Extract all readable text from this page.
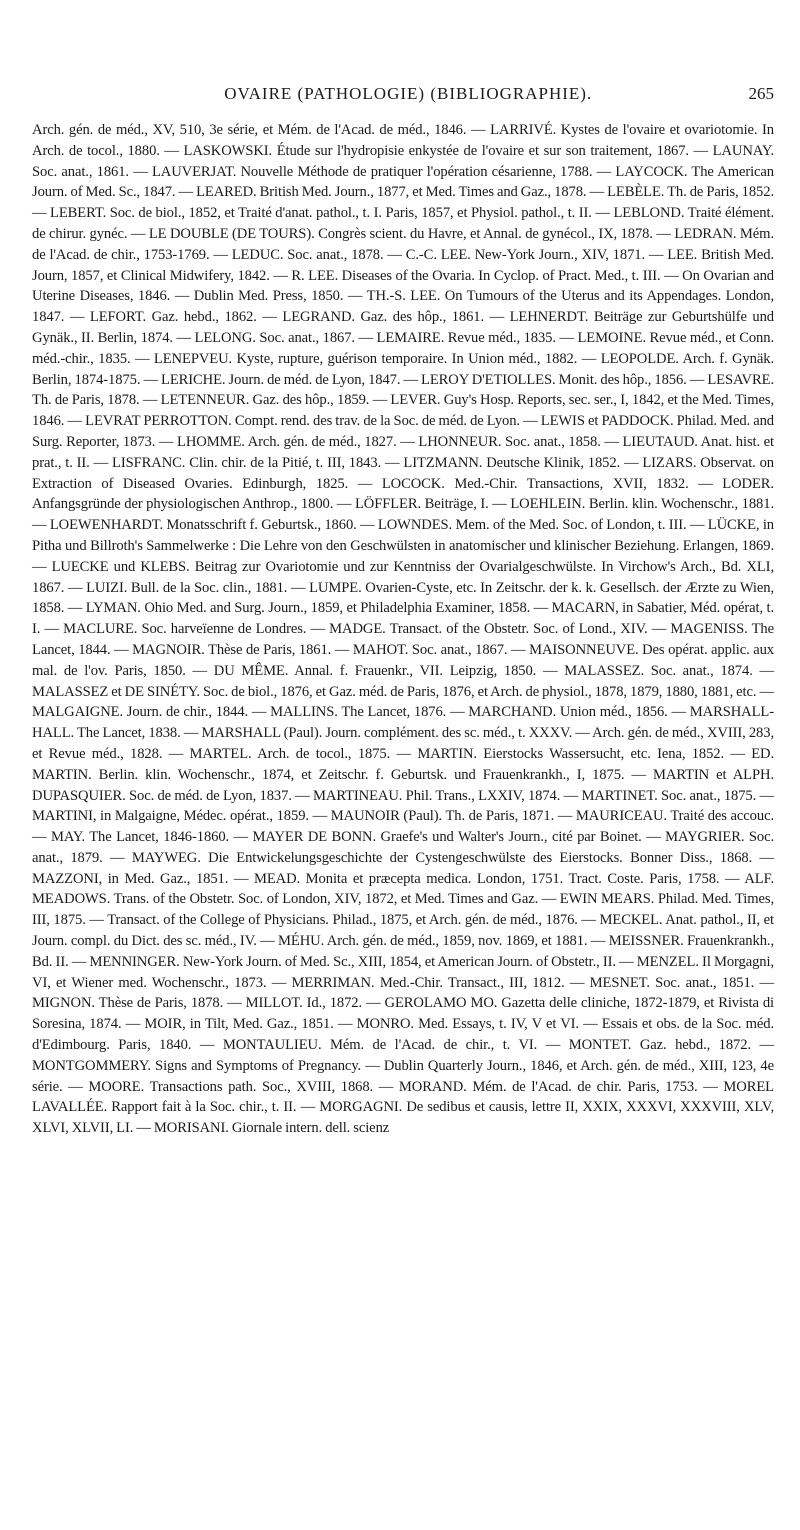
OVAIRE (PATHOLOGIE) (BIBLIOGRAPHIE).	265
Arch. gén. de méd., XV, 510, 3e série, et Mém. de l'Acad. de méd., 1846. — LARRIVÉ. Kystes de l'ovaire et ovariotomie. In Arch. de tocol., 1880. — LASKOWSKI. Étude sur l'hydropisie enkystée de l'ovaire et sur son traitement, 1867. — LAUNAY. Soc. anat., 1861. — LAUVERJAT. Nouvelle Méthode de pratiquer l'opération césarienne, 1788. — LAYCOCK. The American Journ. of Med. Sc., 1847. — LEARED. British Med. Journ., 1877, et Med. Times and Gaz., 1878. — LEBÈLE. Th. de Paris, 1852. — LEBERT. Soc. de biol., 1852, et Traité d'anat. pathol., t. I. Paris, 1857, et Physiol. pathol., t. II. — LEBLOND. Traité élément. de chirur. gynéc. — LE DOUBLE (DE TOURS). Congrès scient. du Havre, et Annal. de gynécol., IX, 1878. — LEDRAN. Mém. de l'Acad. de chir., 1753-1769. — LEDUC. Soc. anat., 1878. — C.-C. LEE. New-York Journ., XIV, 1871. — LEE. British Med. Journ, 1857, et Clinical Midwifery, 1842. — R. LEE. Diseases of the Ovaria. In Cyclop. of Pract. Med., t. III. — On Ovarian and Uterine Diseases, 1846. — Dublin Med. Press, 1850. — TH.-S. LEE. On Tumours of the Uterus and its Appendages. London, 1847. — LEFORT. Gaz. hebd., 1862. — LEGRAND. Gaz. des hôp., 1861. — LEHNERDT. Beiträge zur Geburtshülfe und Gynäk., II. Berlin, 1874. — LELONG. Soc. anat., 1867. — LEMAIRE. Revue méd., 1835. — LEMOINE. Revue méd., et Conn. méd.-chir., 1835. — LENEPVEU. Kyste, rupture, guérison temporaire. In Union méd., 1882. — LEOPOLDE. Arch. f. Gynäk. Berlin, 1874-1875. — LERICHE. Journ. de méd. de Lyon, 1847. — LEROY D'ETIOLLES. Monit. des hôp., 1856. — LESAVRE. Th. de Paris, 1878. — LETENNEUR. Gaz. des hôp., 1859. — LEVER. Guy's Hosp. Reports, sec. ser., I, 1842, et the Med. Times, 1846. — LEVRAT PERROTTON. Compt. rend. des trav. de la Soc. de méd. de Lyon. — LEWIS et PADDOCK. Philad. Med. and Surg. Reporter, 1873. — LHOMME. Arch. gén. de méd., 1827. — LHONNEUR. Soc. anat., 1858. — LIEUTAUD. Anat. hist. et prat., t. II. — LISFRANC. Clin. chir. de la Pitié, t. III, 1843. — LITZMANN. Deutsche Klinik, 1852. — LIZARS. Observat. on Extraction of Diseased Ovaries. Edinburgh, 1825. — LOCOCK. Med.-Chir. Transactions, XVII, 1832. — LODER. Anfangsgründe der physiologischen Anthrop., 1800. — LÖFFLER. Beiträge, I. — LOEHLEIN. Berlin. klin. Wochenschr., 1881. — LOEWENHARDT. Monatsschrift f. Geburtsk., 1860. — LOWNDES. Mem. of the Med. Soc. of London, t. III. — LÜCKE, in Pitha und Billroth's Sammelwerke : Die Lehre von den Geschwülsten in anatomischer und klinischer Beziehung. Erlangen, 1869. — LUECKE und KLEBS. Beitrag zur Ovariotomie und zur Kenntniss der Ovarialgeschwülste. In Virchow's Arch., Bd. XLI, 1867. — LUIZI. Bull. de la Soc. clin., 1881. — LUMPE. Ovarien-Cyste, etc. In Zeitschr. der k. k. Gesellsch. der Ærzte zu Wien, 1858. — LYMAN. Ohio Med. and Surg. Journ., 1859, et Philadelphia Examiner, 1858. — MACARN, in Sabatier, Méd. opérat, t. I. — MACLURE. Soc. harveïenne de Londres. — MADGE. Transact. of the Obstetr. Soc. of Lond., XIV. — MAGENISS. The Lancet, 1844. — MAGNOIR. Thèse de Paris, 1861. — MAHOT. Soc. anat., 1867. — MAISONNEUVE. Des opérat. applic. aux mal. de l'ov. Paris, 1850. — DU MÊME. Annal. f. Frauenkr., VII. Leipzig, 1850. — MALASSEZ. Soc. anat., 1874. — MALASSEZ et DE SINÉTY. Soc. de biol., 1876, et Gaz. méd. de Paris, 1876, et Arch. de physiol., 1878, 1879, 1880, 1881, etc. — MALGAIGNE. Journ. de chir., 1844. — MALLINS. The Lancet, 1876. — MARCHAND. Union méd., 1856. — MARSHALL-HALL. The Lancet, 1838. — MARSHALL (Paul). Journ. complément. des sc. méd., t. XXXV. — Arch. gén. de méd., XVIII, 283, et Revue méd., 1828. — MARTEL. Arch. de tocol., 1875. — MARTIN. Eierstocks Wassersucht, etc. Iena, 1852. — ED. MARTIN. Berlin. klin. Wochenschr., 1874, et Zeitschr. f. Geburtsk. und Frauenkrankh., I, 1875. — MARTIN et ALPH. DUPASQUIER. Soc. de méd. de Lyon, 1837. — MARTINEAU. Phil. Trans., LXXIV, 1874. — MARTINET. Soc. anat., 1875. — MARTINI, in Malgaigne, Médec. opérat., 1859. — MAUNOIR (Paul). Th. de Paris, 1871. — MAURICEAU. Traité des accouc. — MAY. The Lancet, 1846-1860. — MAYER DE BONN. Graefe's und Walter's Journ., cité par Boinet. — MAYGRIER. Soc. anat., 1879. — MAYWEG. Die Entwickelungsgeschichte der Cystengeschwülste des Eierstocks. Bonner Diss., 1868. — MAZZONI, in Med. Gaz., 1851. — MEAD. Monita et præcepta medica. London, 1751. Tract. Coste. Paris, 1758. — ALF. MEADOWS. Trans. of the Obstetr. Soc. of London, XIV, 1872, et Med. Times and Gaz. — EWIN MEARS. Philad. Med. Times, III, 1875. — Transact. of the College of Physicians. Philad., 1875, et Arch. gén. de méd., 1876. — MECKEL. Anat. pathol., II, et Journ. compl. du Dict. des sc. méd., IV. — MÉHU. Arch. gén. de méd., 1859, nov. 1869, et 1881. — MEISSNER. Frauenkrankh., Bd. II. — MENNINGER. New-York Journ. of Med. Sc., XIII, 1854, et American Journ. of Obstetr., II. — MENZEL. Il Morgagni, VI, et Wiener med. Wochenschr., 1873. — MERRIMAN. Med.-Chir. Transact., III, 1812. — MESNET. Soc. anat., 1851. — MIGNON. Thèse de Paris, 1878. — MILLOT. Id., 1872. — GEROLAMO MO. Gazetta delle cliniche, 1872-1879, et Rivista di Soresina, 1874. — MOIR, in Tilt, Med. Gaz., 1851. — MONRO. Med. Essays, t. IV, V et VI. — Essais et obs. de la Soc. méd. d'Edimbourg. Paris, 1840. — MONTAULIEU. Mém. de l'Acad. de chir., t. VI. — MONTET. Gaz. hebd., 1872. — MONTGOMMERY. Signs and Symptoms of Pregnancy. — Dublin Quarterly Journ., 1846, et Arch. gén. de méd., XIII, 123, 4e série. — MOORE. Transactions path. Soc., XVIII, 1868. — MORAND. Mém. de l'Acad. de chir. Paris, 1753. — MOREL LAVALLÉE. Rapport fait à la Soc. chir., t. II. — MORGAGNI. De sedibus et causis, lettre II, XXIX, XXXVI, XXXVIII, XLV, XLVI, XLVII, LI. — MORISANI. Giornale intern. dell. scienz
